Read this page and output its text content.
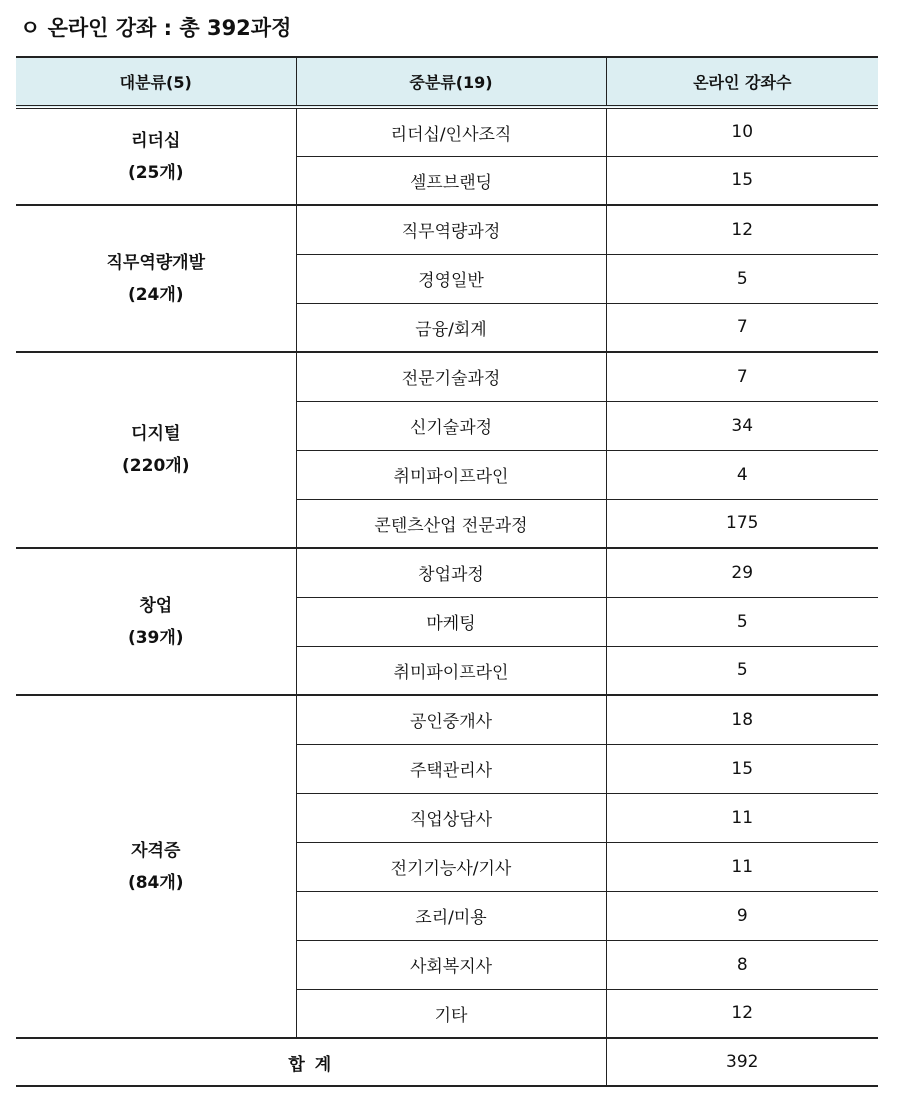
ㅇ 온라인 강좌 : 총 392과정
대분류(5)	중분류(19)	온라인 강좌수

리더십
(25개)	리더십/인사조직	10
	셀프브랜딩	15

직무역량개발
(24개)	직무역량과정	12
	경영일반	5
	금융/회계	7

디지털
(220개)	전문기술과정	7
	신기술과정	34
	취미파이프라인	4
	콘텐츠산업 전문과정	175

창업
(39개)	창업과정	29
	마케팅	5
	취미파이프라인	5

자격증
(84개)	공인중개사	18
	주택관리사	15
	직업상담사	11
	전기기능사/기사	11
	조리/미용	9
	사회복지사	8
	기타	12
합 계		392
